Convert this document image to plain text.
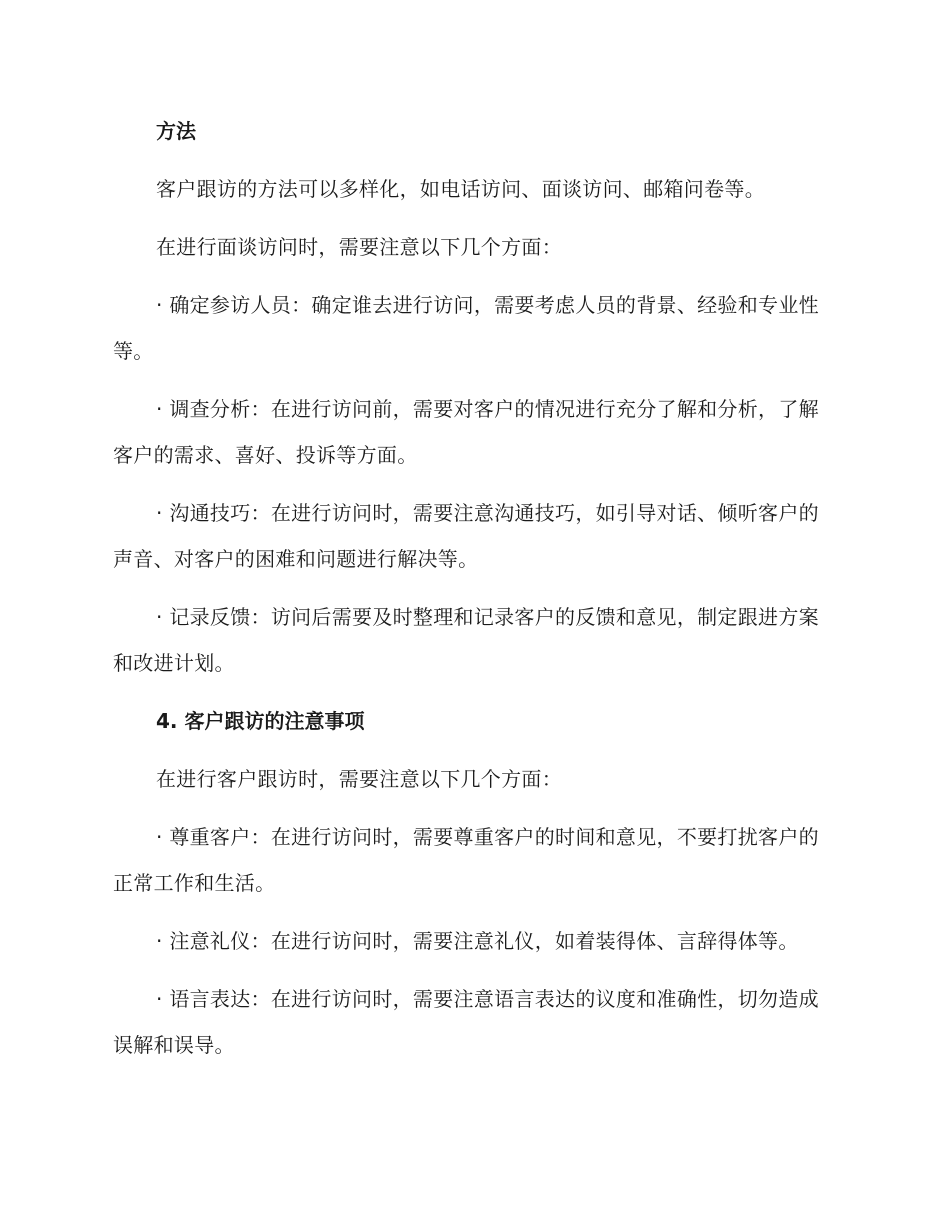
方法

客户跟访的方法可以多样化，如电话访问、面谈访问、邮箱问卷等。

在进行面谈访问时，需要注意以下几个方面：

· 确定参访人员：确定谁去进行访问，需要考虑人员的背景、经验和专业性等。

· 调查分析：在进行访问前，需要对客户的情况进行充分了解和分析，了解客户的需求、喜好、投诉等方面。

· 沟通技巧：在进行访问时，需要注意沟通技巧，如引导对话、倾听客户的声音、对客户的困难和问题进行解决等。

· 记录反馈：访问后需要及时整理和记录客户的反馈和意见，制定跟进方案和改进计划。

4. 客户跟访的注意事项

在进行客户跟访时，需要注意以下几个方面：

· 尊重客户：在进行访问时，需要尊重客户的时间和意见，不要打扰客户的正常工作和生活。

· 注意礼仪：在进行访问时，需要注意礼仪，如着装得体、言辞得体等。

· 语言表达：在进行访问时，需要注意语言表达的议度和准确性，切勿造成误解和误导。
